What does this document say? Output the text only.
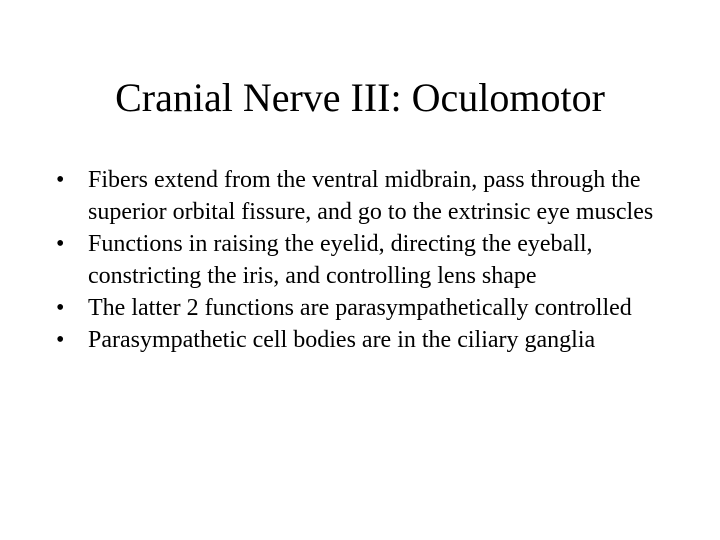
Cranial Nerve III: Oculomotor
• Fibers extend from the ventral midbrain, pass through the superior orbital fissure, and go to the extrinsic eye muscles
• Functions in raising the eyelid, directing the eyeball, constricting the iris, and controlling lens shape
• The latter 2 functions are parasympathetically controlled
• Parasympathetic cell bodies are in the ciliary ganglia
